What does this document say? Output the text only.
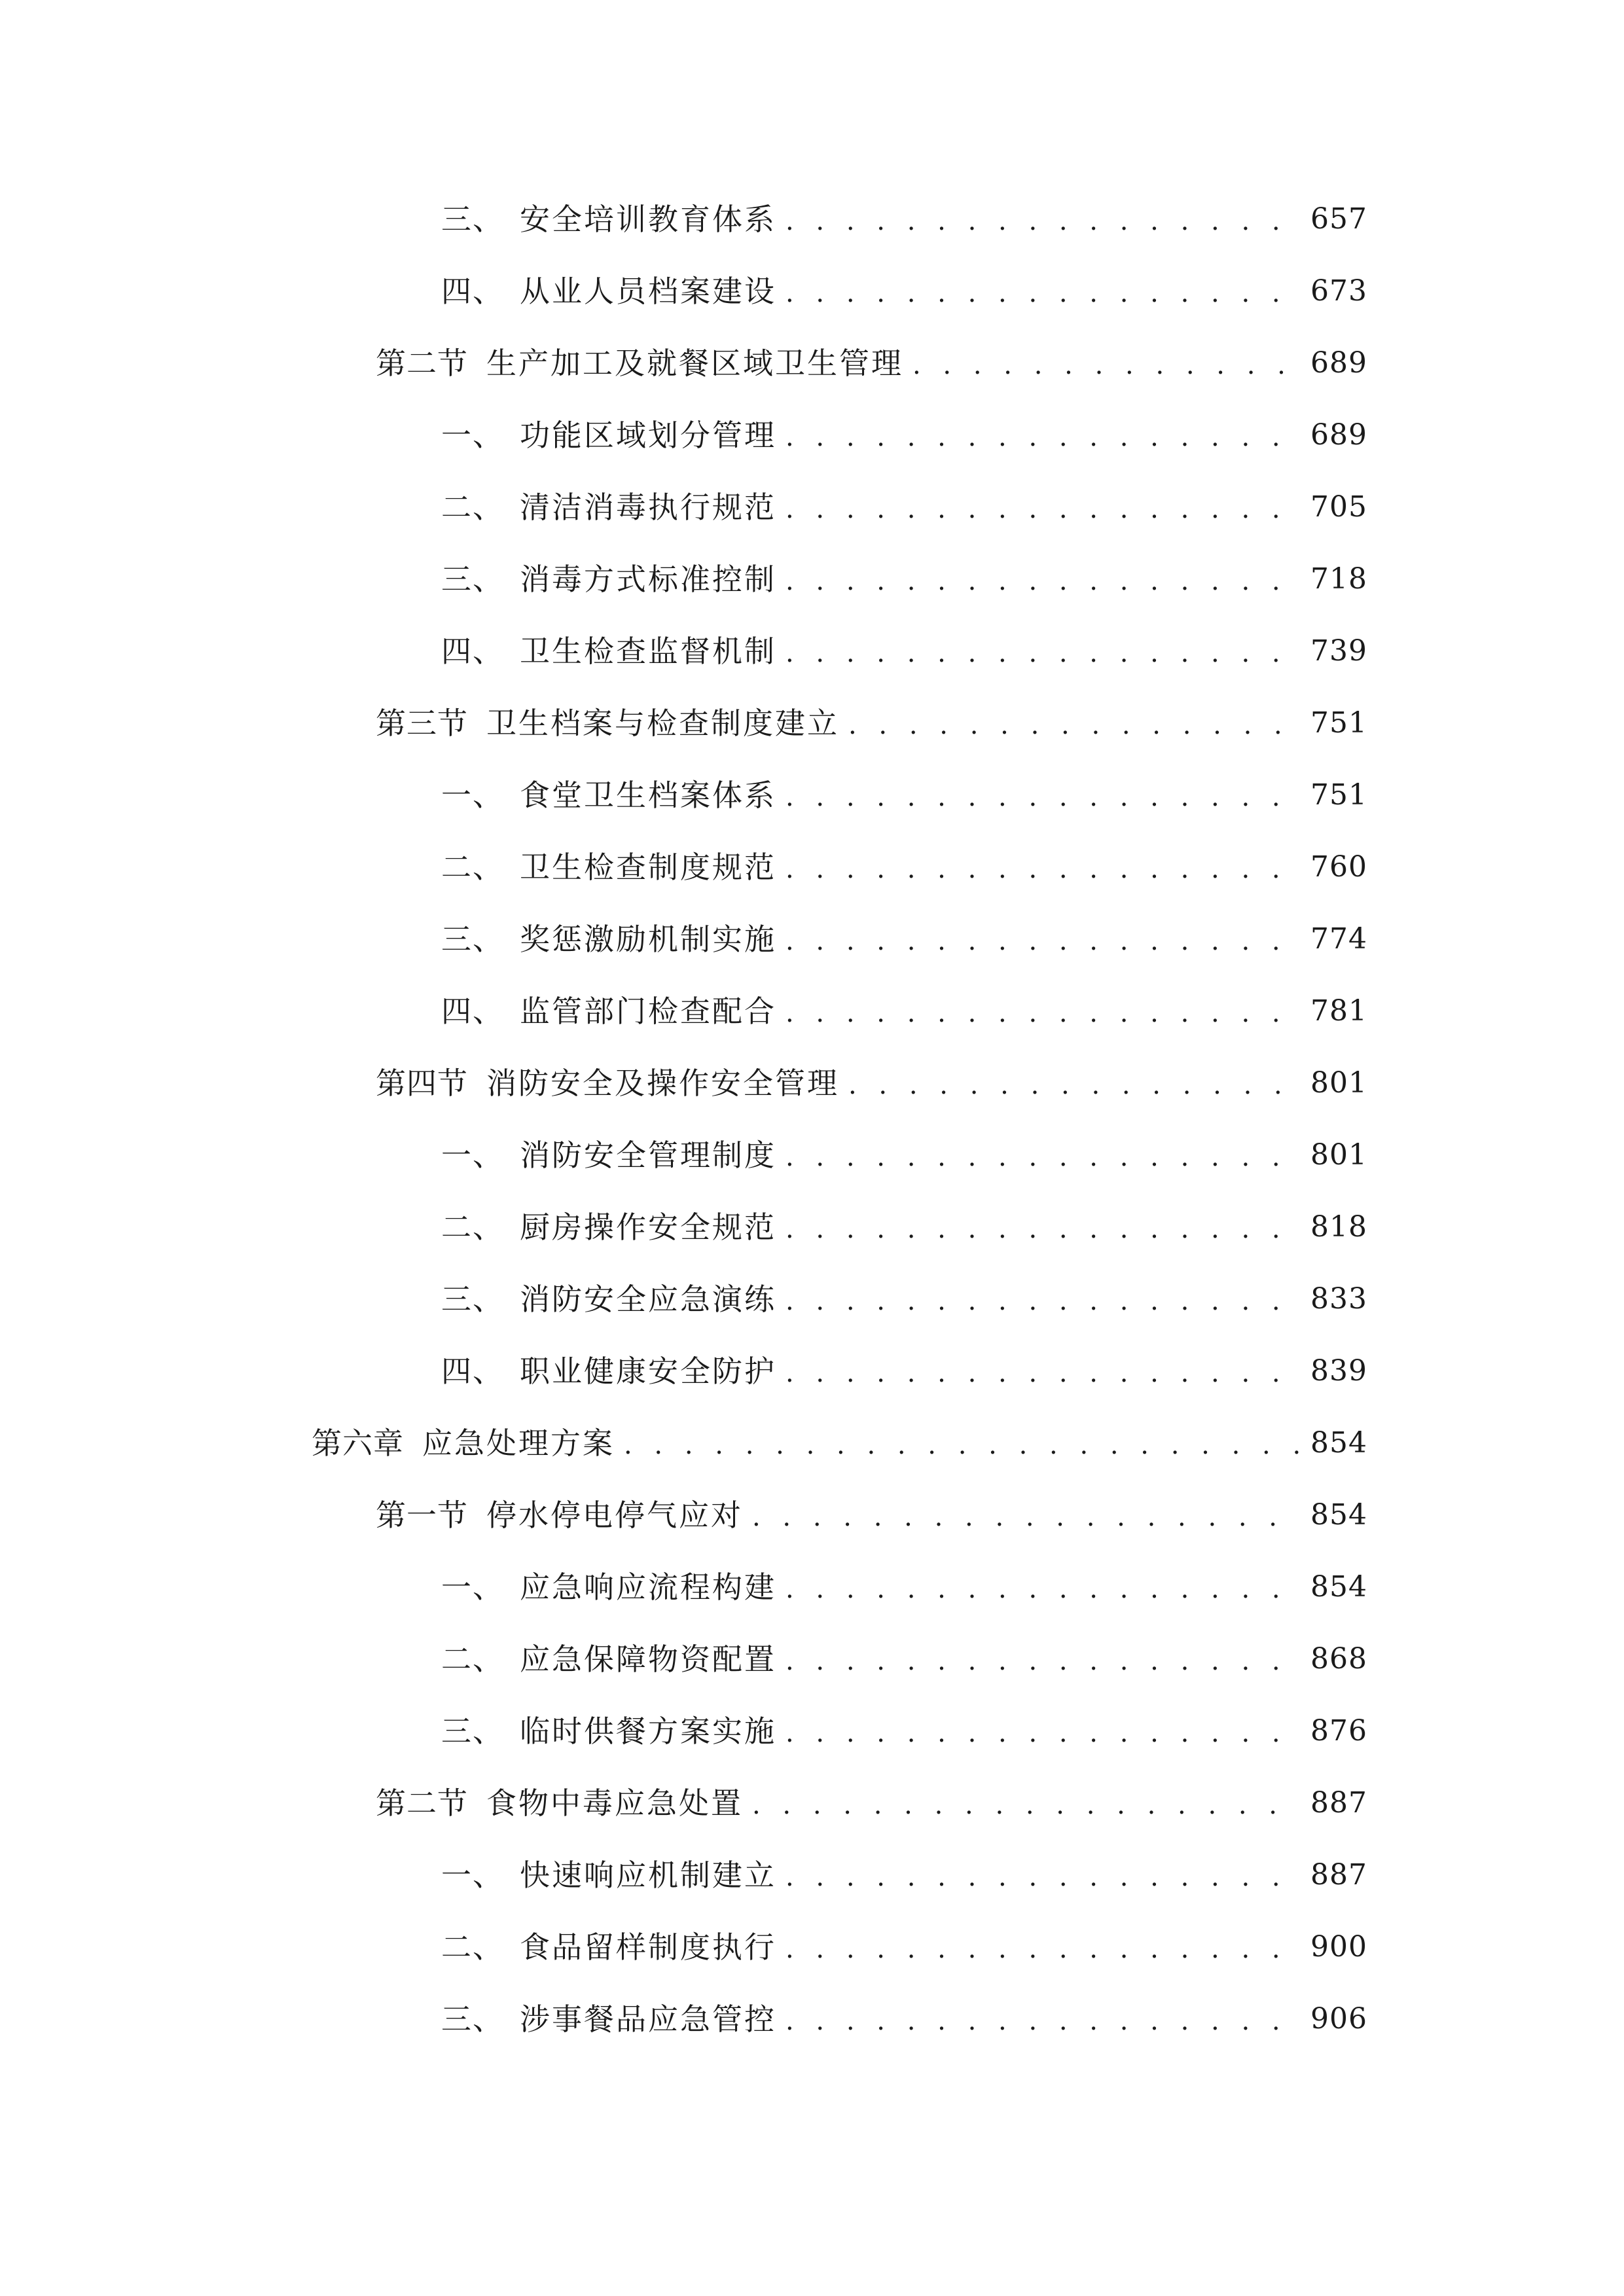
三、 安全培训教育体系 . . .	657
四、 从业人员档案建设 . . .	673
第二节 生产加工及就餐区域卫生管理 . . .	689
一、 功能区域划分管理 . . .	689
二、 清洁消毒执行规范 . . .	705
三、 消毒方式标准控制 . . .	718
四、 卫生检查监督机制 . . .	739
第三节 卫生档案与检查制度建立 . . .	751
一、 食堂卫生档案体系 . . .	751
二、 卫生检查制度规范 . . .	760
三、 奖惩激励机制实施 . . .	774
四、 监管部门检查配合 . . .	781
第四节 消防安全及操作安全管理 . . .	801
一、 消防安全管理制度 . . .	801
二、 厨房操作安全规范 . . .	818
三、 消防安全应急演练 . . .	833
四、 职业健康安全防护 . . .	839
第六章 应急处理方案 . . .	854
第一节 停水停电停气应对 . . .	854
一、 应急响应流程构建 . . .	854
二、 应急保障物资配置 . . .	868
三、 临时供餐方案实施 . . .	876
第二节 食物中毒应急处置 . . .	887
一、 快速响应机制建立 . . .	887
二、 食品留样制度执行 . . .	900
三、 涉事餐品应急管控 . . .	906
